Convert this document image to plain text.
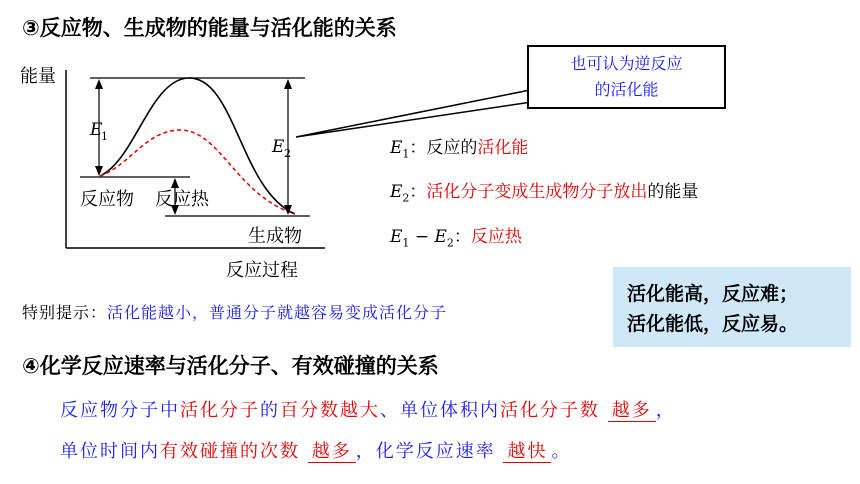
③反应物、生成物的能量与活化能的关系
E
1
E 2
能量
反应物 反应热
生成物
反应过程
也可认为逆反应
的活化能
$E_1$：反应的活化能
$E_2$：活化分子变成生成物分子放出的能量
$E_1 - E_2$：反应热
特别提示：活化能越小，普通分子就越容易变成活化分子
活化能高，反应难；
活化能低，反应易。
④化学反应速率与活化分子、有效碰撞的关系
反应物分子中活化分子的百分数越大、单位体积内活化分子数 越多 ，
单位时间内有效碰撞的次数 越多 ，化学反应速率 越快 。
